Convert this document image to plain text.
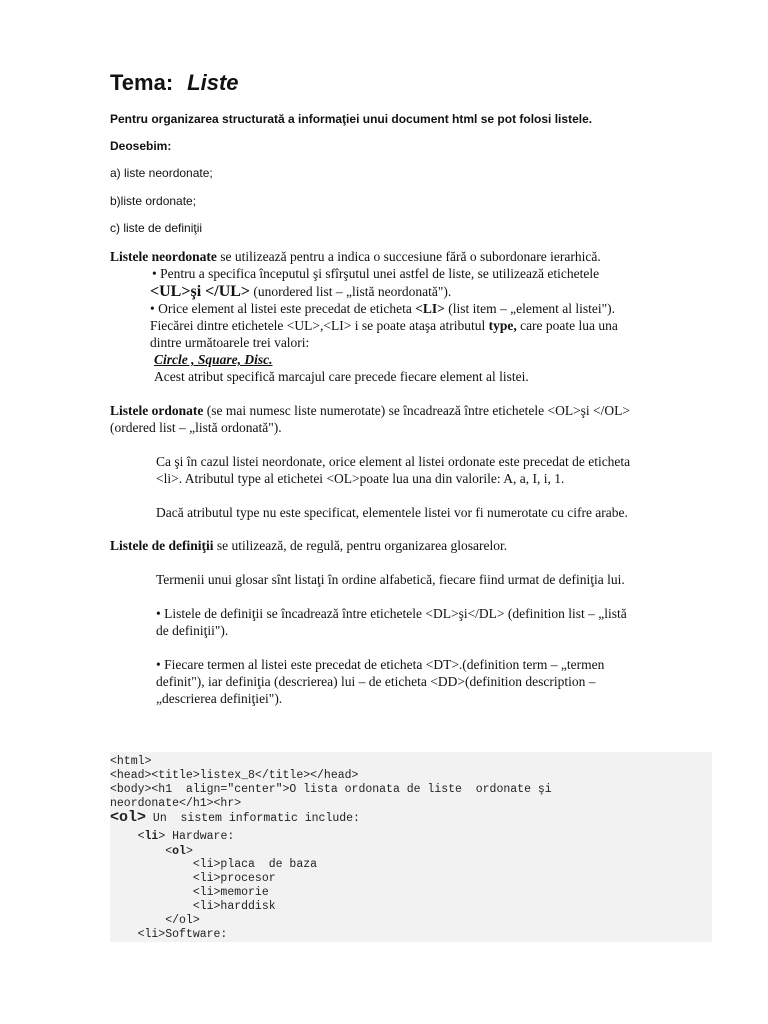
Tema: Liste
Pentru organizarea structurată a informaţiei unui document html se pot folosi listele.
Deosebim:
a) liste neordonate;
b)liste ordonate;
c) liste de definiţii
Listele neordonate se utilizează pentru a indica o succesiune fără o subordonare ierarhică.
• Pentru a specifica începutul şi sfîrşutul unei astfel de liste, se utilizează etichetele
<UL>şi </UL> (unordered list – „listă neordonată").
• Orice element al listei este precedat de eticheta <LI> (list item – „element al listei").
Fiecărei dintre etichetele <UL>,<LI> i se poate ataşa atributul type, care poate lua una
dintre următoarele trei valori:
Circle , Square, Disc.
Acest atribut specifică marcajul care precede fiecare element al listei.
Listele ordonate (se mai numesc liste numerotate) se încadrează între etichetele <OL>şi </OL>
(ordered list – „listă ordonată").
Ca şi în cazul listei neordonate, orice element al listei ordonate este precedat de eticheta
<li>. Atributul type al etichetei <OL>poate lua una din valorile: A, a, I, i, 1.
Dacă atributul type nu este specificat, elementele listei vor fi numerotate cu cifre arabe.
Listele de definiţii se utilizează, de regulă, pentru organizarea glosarelor.
Termenii unui glosar sînt listaţi în ordine alfabetică, fiecare fiind urmat de definiţia lui.
• Listele de definiţii se încadrează între etichetele <DL>şi</DL> (definition list – „listă
de definiţii").
• Fiecare termen al listei este precedat de eticheta <DT>.(definition term – „termen
definit"), iar definiţia (descrierea) lui – de eticheta <DD>(definition description –
„descrierea definiţiei").
<html>
<head><title>listex_8</title></head>
<body><h1  align="center">O lista ordonata de liste  ordonate şi
neordonate</h1><hr>
<ol> Un  sistem informatic include:
<li> Hardware:
<ol>
<li>placa  de baza
<li>procesor
<li>memorie
<li>harddisk
</ol>
<li>Software:
